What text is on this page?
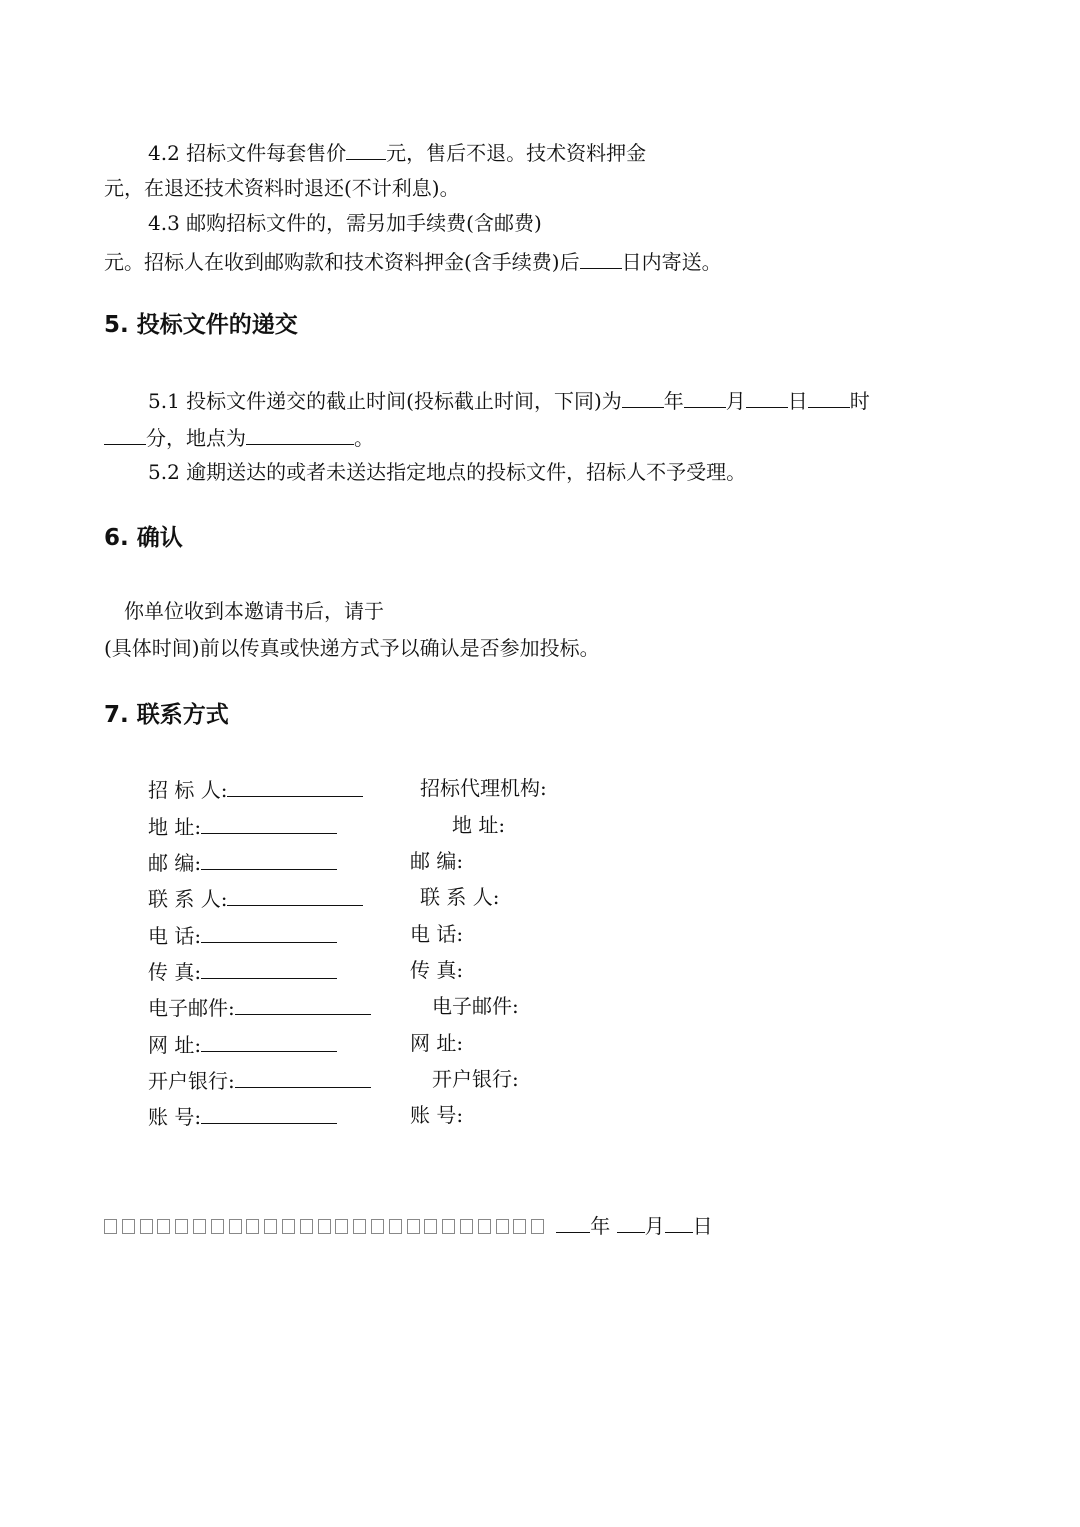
4.2 招标文件每套售价 元，售后不退。技术资料押金
元，在退还技术资料时退还(不计利息)。
4.3 邮购招标文件的，需另加手续费(含邮费)
元。招标人在收到邮购款和技术资料押金(含手续费)后 日内寄送。
5. 投标文件的递交
5.1 投标文件递交的截止时间(投标截止时间，下同)为 年 月 日 时
分，地点为	。
5.2 逾期送达的或者未送达指定地点的投标文件，招标人不予受理。
6. 确认
你单位收到本邀请书后，请于
(具体时间)前以传真或快递方式予以确认是否参加投标。
7. 联系方式
招 标 人:
地 址:
邮 编:
联 系 人:
电 话:
传 真:
电子邮件:
网 址:
开户银行:
账 号:
招标代理机构:
地 址:
邮 编:
联 系 人:
电 话:
传 真:
电子邮件:
网 址:
开户银行:
账 号:
年 月 日
